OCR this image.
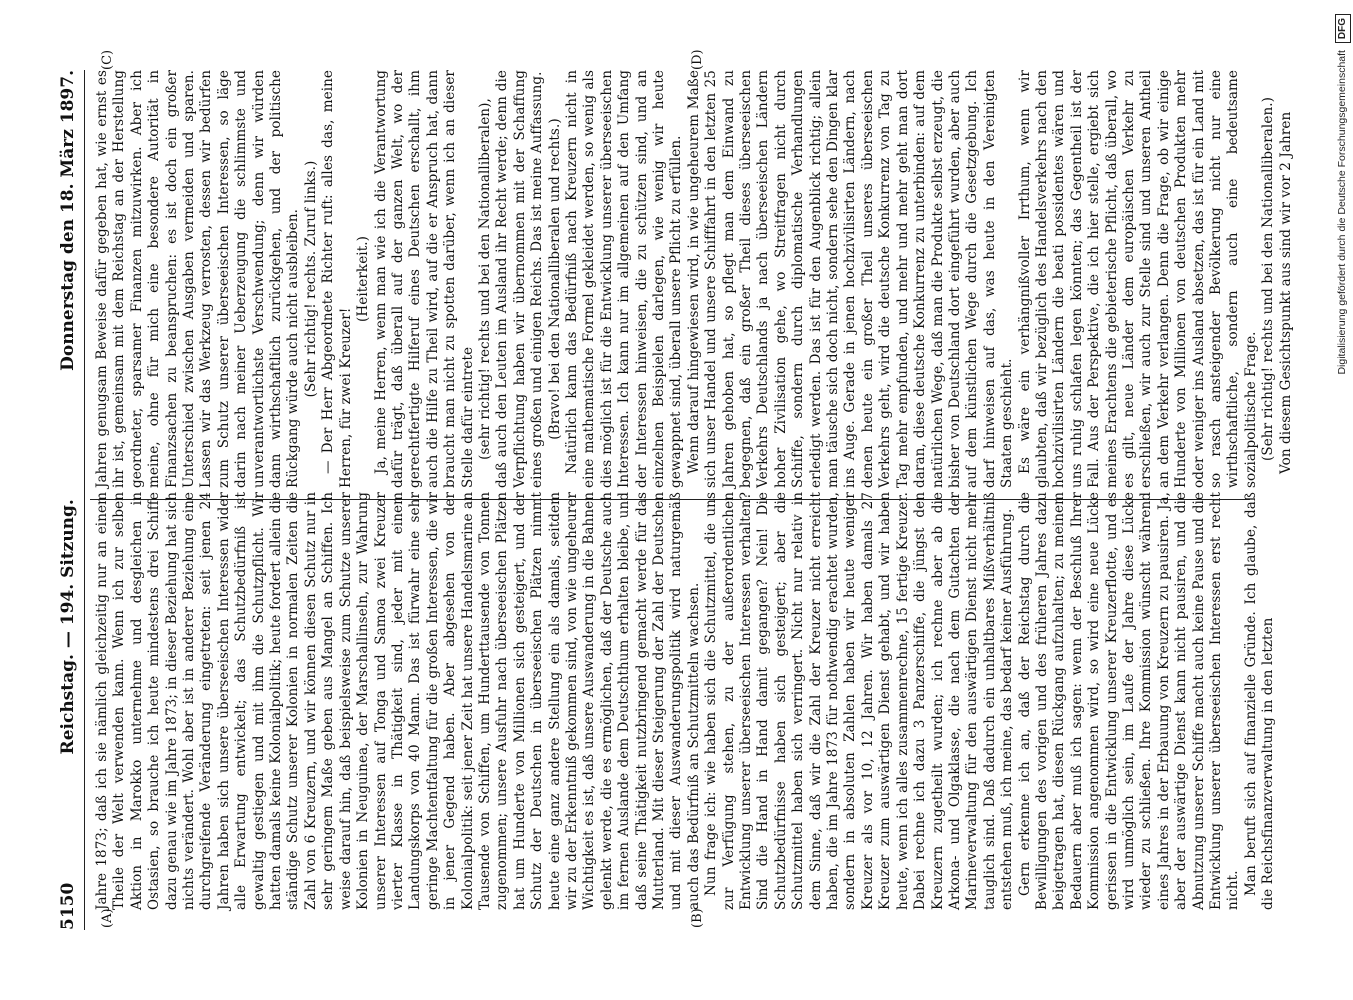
5150
Reichstag. — 194. Sitzung.
Donnerstag den 18. März 1897.
(A)	(B)
(C)	(D)

Jahre 1873; daß ich sie nämlich gleichzeitig nur an einem Theile der Welt verwenden kann. Wenn ich zur selben Aktion in Marokko unternehme und desgleichen in Ostasien, so brauche ich heute mindestens drei Schiffe dazu genau wie im Jahre 1873; in dieser Beziehung hat sich nichts verändert. Wohl aber ist in anderer Beziehung eine durchgreifende Veränderung eingetreten: seit jenen 24 Jahren haben sich unsere überseeischen Interessen wider alle Erwartung entwickelt; das Schutzbedürfniß ist gewaltig gestiegen und mit ihm die Schutzpflicht. Wir hatten damals keine Kolonialpolitik; heute fordert allein die ständige Schutz unserer Kolonien in normalen Zeiten die Zahl von 6 Kreuzern, und wir können diesen Schutz nur in sehr geringem Maße geben aus Mangel an Schiffen. Ich weise darauf hin, daß beispielsweise zum Schutze unserer Kolonien in Neuguinea, der Marschallinseln, zur Wahrung unserer Interessen auf Tonga und Samoa zwei Kreuzer vierter Klasse in Thätigkeit sind, jeder mit einem Landungskorps von 40 Mann. Das ist fürwahr eine sehr geringe Machtentfaltung für die großen Interessen, die wir in jener Gegend haben. Aber abgesehen von der Kolonialpolitik: seit jener Zeit hat unsere Handelsmarine an Tausende von Schiffen, um Hunderttausende von Tonnen zugenommen; unsere Ausfuhr nach überseeischen Plätzen hat um Hunderte von Millionen sich gesteigert, und der Schutz der Deutschen in überseeischen Plätzen nimmt heute eine ganz andere Stellung ein als damals, seitdem wir zu der Erkenntniß gekommen sind, von wie ungeheurer Wichtigkeit es ist, daß unsere Auswanderung in die Bahnen gelenkt werde, die es ermöglichen, daß der Deutsche auch im fernen Auslande dem Deutschthum erhalten bleibe, und daß seine Thätigkeit nutzbringend gemacht werde für das Mutterland. Mit dieser Steigerung der Zahl der Deutschen und mit dieser Auswanderungspolitik wird naturgemäß auch das Bedürfniß an Schutzmitteln wachsen. Nun frage ich: wie haben sich die Schutzmittel, die uns zur Verfügung stehen, zu der außerordentlichen Entwicklung unserer überseeischen Interessen verhalten? Sind die Hand in Hand damit gegangen? Nein! Die Schutzbedürfnisse haben sich gesteigert; aber die Schutzmittel haben sich verringert. Nicht nur relativ in dem Sinne, daß wir die Zahl der Kreuzer nicht erreicht haben, die im Jahre 1873 für nothwendig erachtet wurden, sondern in absoluten Zahlen haben wir heute weniger Kreuzer als vor 10, 12 Jahren. Wir haben damals 27 Kreuzer zum auswärtigen Dienst gehabt, und wir haben heute, wenn ich alles zusammenrechne, 15 fertige Kreuzer. Dabei rechne ich dazu 3 Panzerschiffe, die jüngst den Kreuzern zugetheilt wurden; ich rechne aber ab die Arkona- und Olgaklasse, die nach dem Gutachten der Marineverwaltung für den auswärtigen Dienst nicht mehr tauglich sind. Daß dadurch ein unhaltbares Mißverhältniß entstehen muß, ich meine, das bedarf keiner Ausführung. Gern erkenne ich an, daß der Reichstag durch die Bewilligungen des vorigen und des früheren Jahres dazu beigetragen hat, diesen Rückgang aufzuhalten; zu meinem Bedauern aber muß ich sagen: wenn der Beschluß Ihrer Kommission angenommen wird, so wird eine neue Lücke gerissen in die Entwicklung unserer Kreuzerflotte, und es wird unmöglich sein, im Laufe der Jahre diese Lücke wieder zu schließen. Ihre Kommission wünscht während eines Jahres in der Erbauung von Kreuzern zu pausiren. Ja, aber der auswärtige Dienst kann nicht pausiren, und die Abnutzung unserer Schiffe macht auch keine Pause und die Entwicklung unserer überseeischen Interessen erst recht nicht. Man beruft sich auf finanzielle Gründe. Ich glaube, daß die Reichsfinanzverwaltung in den letzten

Jahren genugsam Beweise dafür gegeben hat, wie ernst es ihr ist, gemeinsam mit dem Reichstag an der Herstellung geordneter, sparsamer Finanzen mitzuwirken. Aber ich meine, ohne für mich eine besondere Autorität in Finanzsachen zu beanspruchen: es ist doch ein großer Unterschied zwischen Ausgaben vermeiden und sparen. Lassen wir das Werkzeug verrosten, dessen wir bedürfen zum Schutz unserer überseeischen Interessen, so läge darin nach meiner Ueberzeugung die schlimmste und unverantwortlichste Verschwendung; denn wir würden dann wirthschaftlich zurückgehen, und der politische Rückgang würde auch nicht ausbleiben. (Sehr richtig! rechts. Zuruf links.) — Der Herr Abgeordnete Richter ruft: alles das, meine Herren, für zwei Kreuzer!

(Heiterkeit.) Ja, meine Herren, wenn man wie ich die Verantwortung dafür trägt, daß überall auf der ganzen Welt, wo der gerechtfertigte Hilferuf eines Deutschen erschallt, ihm auch die Hilfe zu Theil wird, auf die er Anspruch hat, dann braucht man nicht zu spotten darüber, wenn ich an dieser Stelle dafür eintrete (sehr richtig! rechts und bei den Nationalliberalen), daß auch den Leuten im Ausland ihr Recht werde; denn die Verpflichtung haben wir übernommen mit der Schaffung eines großen und einigen Reichs. Das ist meine Auffassung. (Bravo! bei den Nationalliberalen und rechts.) Natürlich kann das Bedürfniß nach Kreuzern nicht in eine mathematische Formel gekleidet werden, so wenig als dies möglich ist für die Entwicklung unserer überseeischen Interessen. Ich kann nur im allgemeinen auf den Umfang der Interessen hinweisen, die zu schützen sind, und an einzelnen Beispielen darlegen, wie wenig wir heute gewappnet sind, überall unsere Pflicht zu erfüllen. Wenn darauf hingewiesen wird, in wie ungeheurem Maße sich unser Handel und unsere Schifffahrt in den letzten 25 Jahren gehoben hat, so pflegt man dem Einwand zu begegnen, daß ein großer Theil dieses überseeischen Verkehrs Deutschlands ja nach überseeischen Ländern hoher Zivilisation gehe, wo Streitfragen nicht durch Schiffe, sondern durch diplomatische Verhandlungen erledigt werden. Das ist für den Augenblick richtig; allein man täusche sich doch nicht, sondern sehe den Dingen klar ins Auge. Gerade in jenen hochzivilisirten Ländern, nach denen heute ein großer Theil unseres überseeischen Verkehrs geht, wird die deutsche Konkurrenz von Tag zu Tag mehr empfunden, und mehr und mehr geht man dort daran, diese deutsche Konkurrenz zu unterbinden: auf dem natürlichen Wege, daß man die Produkte selbst erzeugt, die bisher von Deutschland dort eingeführt wurden, aber auch auf dem künstlichen Wege durch die Gesetzgebung. Ich darf hinweisen auf das, was heute in den Vereinigten Staaten geschieht. Es wäre ein verhängnißvoller Irrthum, wenn wir glaubten, daß wir bezüglich des Handelsverkehrs nach den hochzivilisirten Ländern die beati possidentes wären und uns ruhig schlafen legen könnten; das Gegentheil ist der Fall. Aus der Perspektive, die ich hier stelle, ergiebt sich meines Erachtens die gebieterische Pflicht, daß überall, wo es gilt, neue Länder dem europäischen Verkehr zu erschließen, wir auch zur Stelle sind und unseren Antheil an dem Verkehr verlangen. Denn die Frage, ob wir einige Hunderte von Millionen von deutschen Produkten mehr oder weniger ins Ausland absetzen, das ist für ein Land mit so rasch ansteigender Bevölkerung nicht nur eine wirthschaftliche, sondern auch eine bedeutsame sozialpolitische Frage. (Sehr richtig! rechts und bei den Nationalliberalen.) Von diesem Gesichtspunkt aus sind wir vor 2 Jahren	Digitalisierung gefördert durch die Deutsche Forschungsgemeinschaft DFG
